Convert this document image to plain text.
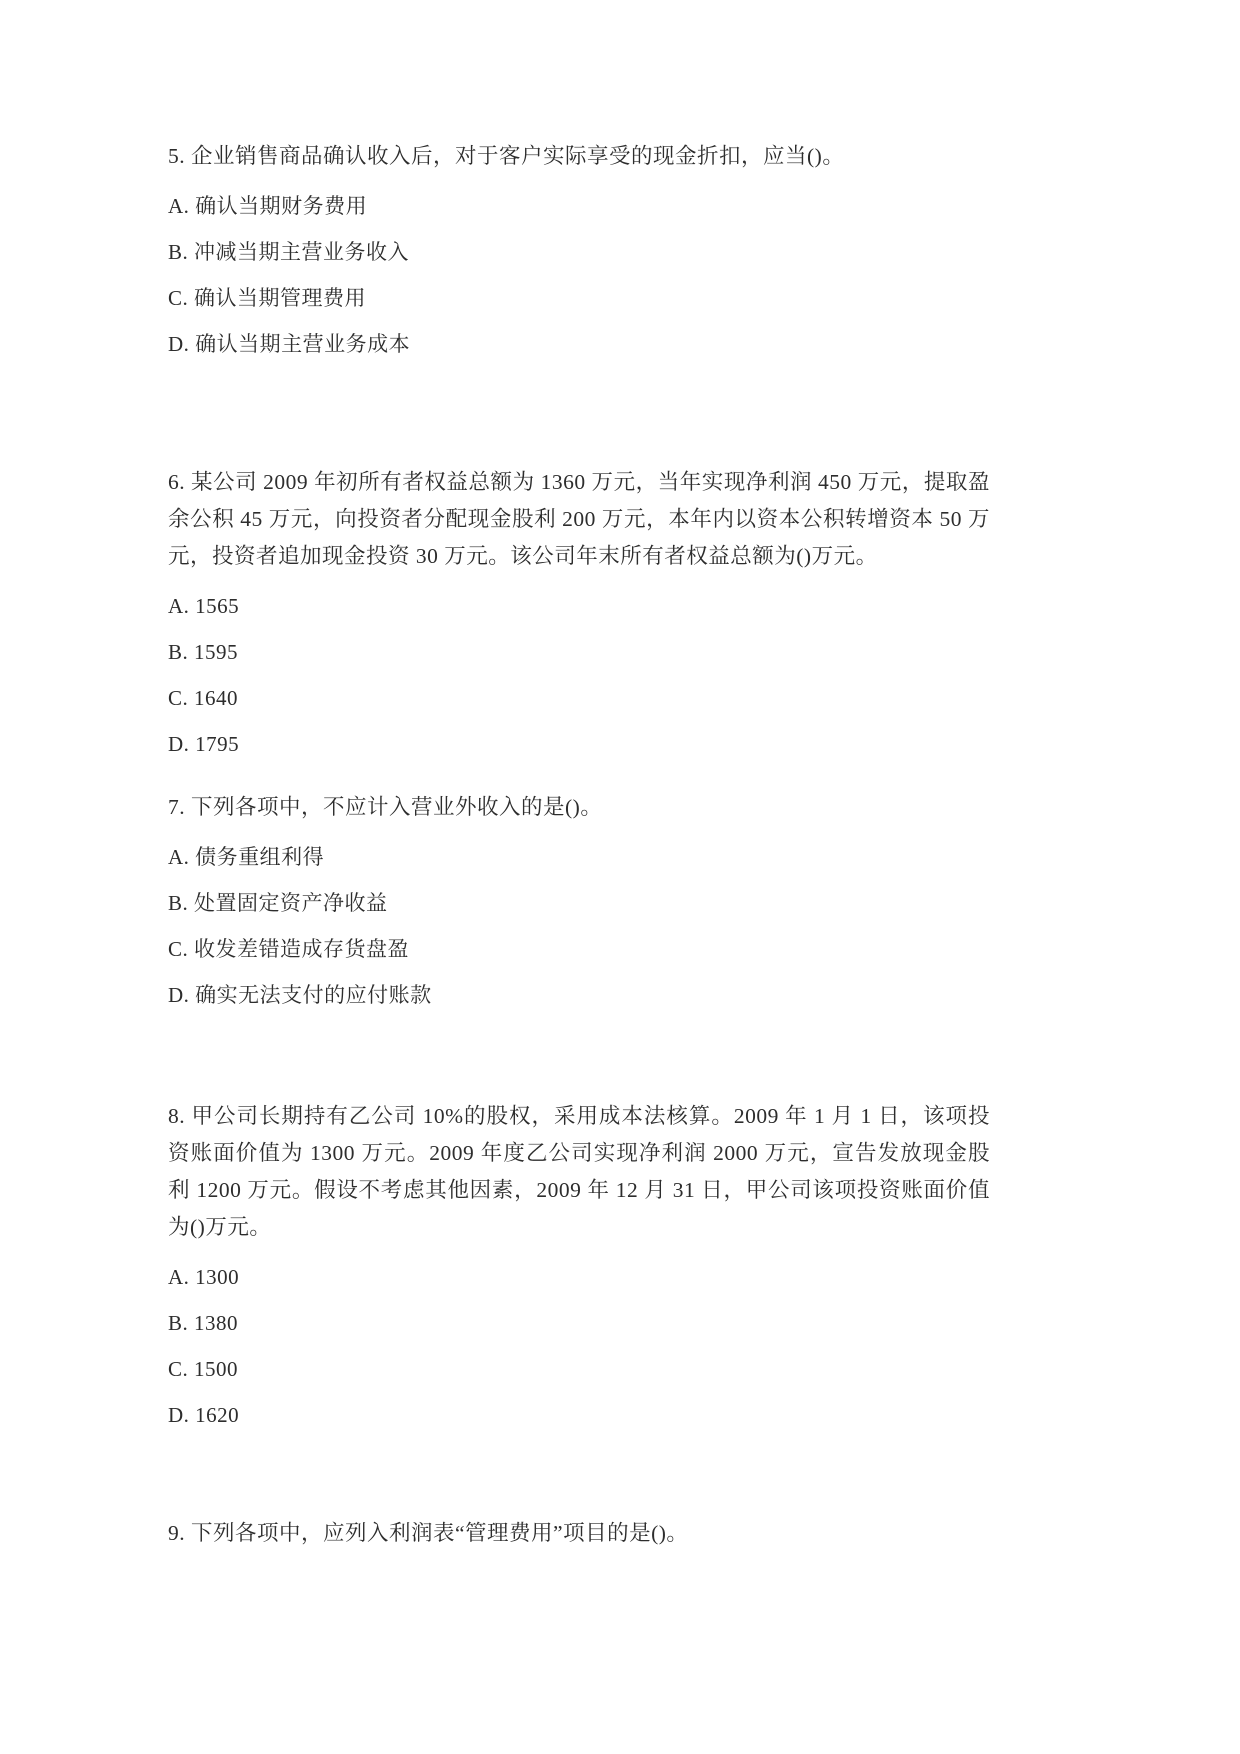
5. 企业销售商品确认收入后，对于客户实际享受的现金折扣，应当()。

A. 确认当期财务费用

B. 冲减当期主营业务收入

C. 确认当期管理费用

D. 确认当期主营业务成本

6. 某公司 2009 年初所有者权益总额为 1360 万元，当年实现净利润 450 万元，提取盈余公积 45 万元，向投资者分配现金股利 200 万元，本年内以资本公积转增资本 50 万元，投资者追加现金投资 30 万元。该公司年末所有者权益总额为()万元。

A. 1565

B. 1595

C. 1640

D. 1795

7. 下列各项中，不应计入营业外收入的是()。

A. 债务重组利得

B. 处置固定资产净收益

C. 收发差错造成存货盘盈

D. 确实无法支付的应付账款

8. 甲公司长期持有乙公司 10%的股权，采用成本法核算。2009 年 1 月 1 日，该项投资账面价值为 1300 万元。2009 年度乙公司实现净利润 2000 万元，宣告发放现金股利 1200 万元。假设不考虑其他因素，2009 年 12 月 31 日，甲公司该项投资账面价值为()万元。

A. 1300

B. 1380

C. 1500

D. 1620

9. 下列各项中，应列入利润表“管理费用”项目的是()。
